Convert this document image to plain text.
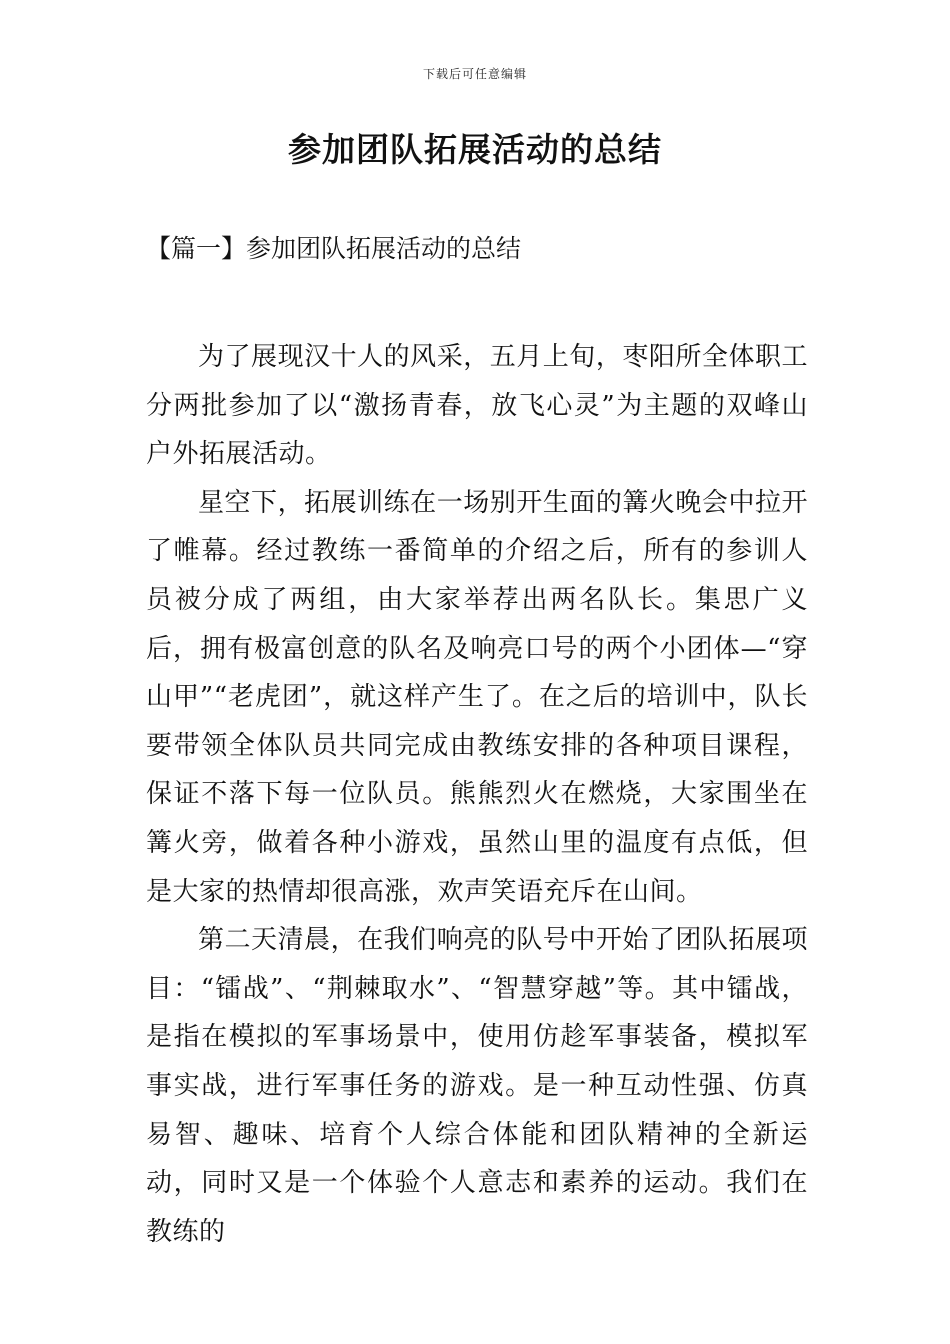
下载后可任意编辑
参加团队拓展活动的总结
【篇一】参加团队拓展活动的总结

为了展现汉十人的风采，五月上旬，枣阳所全体职工分两批参加了以“激扬青春，放飞心灵”为主题的双峰山户外拓展活动。

星空下，拓展训练在一场别开生面的篝火晚会中拉开了帷幕。经过教练一番简单的介绍之后，所有的参训人员被分成了两组，由大家举荐出两名队长。集思广义后，拥有极富创意的队名及响亮口号的两个小团体—“穿山甲”“老虎团”，就这样产生了。在之后的培训中，队长要带领全体队员共同完成由教练安排的各种项目课程，保证不落下每一位队员。熊熊烈火在燃烧，大家围坐在篝火旁，做着各种小游戏，虽然山里的温度有点低，但是大家的热情却很高涨，欢声笑语充斥在山间。

第二天清晨，在我们响亮的队号中开始了团队拓展项目：“镭战”、“荆棘取水”、“智慧穿越”等。其中镭战，是指在模拟的军事场景中，使用仿趁军事装备，模拟军事实战，进行军事任务的游戏。是一种互动性强、仿真易智、趣味、培育个人综合体能和团队精神的全新运动，同时又是一个体验个人意志和素养的运动。我们在教练的
